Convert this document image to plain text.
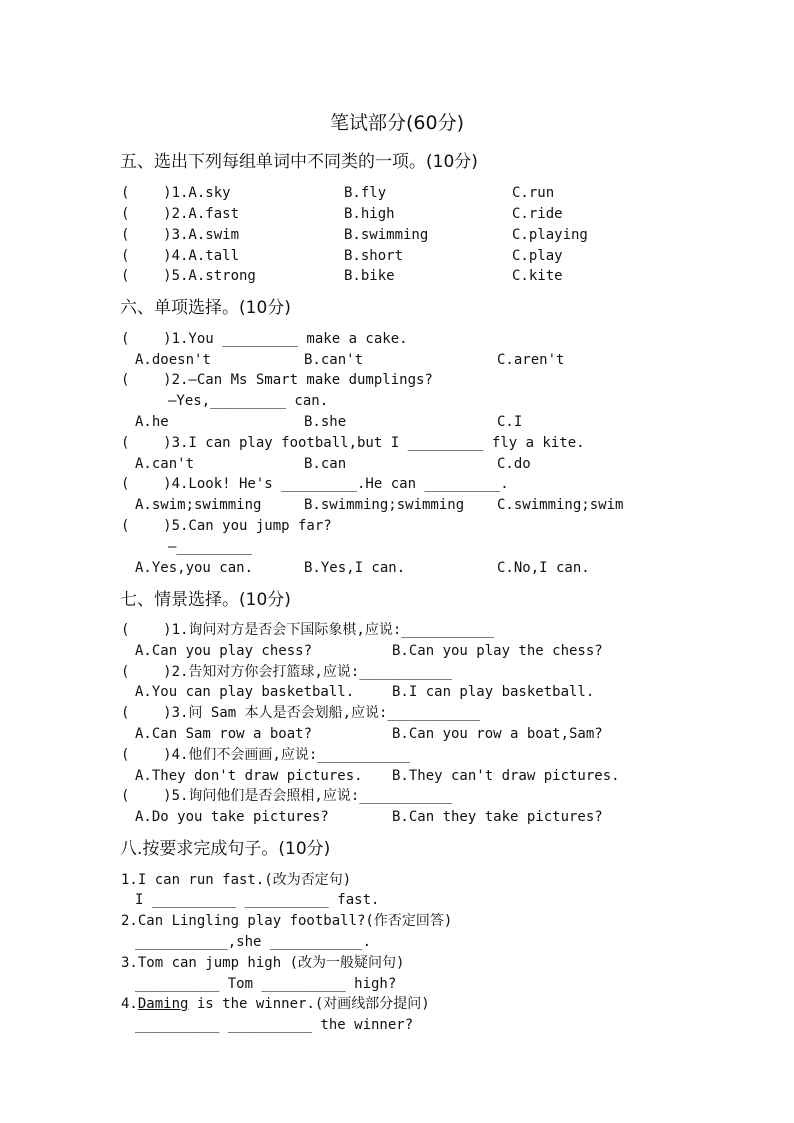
笔试部分(60分)
五、选出下列每组单词中不同类的一项。(10分)
(    )1.A.sky	B.fly	C.run
(    )2.A.fast	B.high	C.ride
(    )3.A.swim	B.swimming	C.playing
(    )4.A.tall	B.short	C.play
(    )5.A.strong	B.bike	C.kite
六、单项选择。(10分)
(    )1.You _________ make a cake.
A.doesn't	B.can't	C.aren't
(    )2.—Can Ms Smart make dumplings?
—Yes,_________ can.
A.he	B.she	C.I
(    )3.I can play football,but I _________ fly a kite.
A.can't	B.can	C.do
(    )4.Look! He's _________.He can _________.
A.swim;swimming	B.swimming;swimming C.swimming;swim
(    )5.Can you jump far?
—_________
A.Yes,you can.	B.Yes,I can.	C.No,I can.
七、情景选择。(10分)
(    )1.询问对方是否会下国际象棋,应说:___________
A.Can you play chess?	B.Can you play the chess?
(    )2.告知对方你会打篮球,应说:___________
A.You can play basketball.	B.I can play basketball.
(    )3.问 Sam 本人是否会划船,应说:___________
A.Can Sam row a boat?	B.Can you row a boat,Sam?
(    )4.他们不会画画,应说:___________
A.They don't draw pictures. B.They can't draw pictures.
(    )5.询问他们是否会照相,应说:___________
A.Do you take pictures?	B.Can they take pictures?
八.按要求完成句子。(10分)
1.I can run fast.(改为否定句)
I __________ __________ fast.
2.Can Lingling play football?(作否定回答)
___________,she ___________.
3.Tom can jump high (改为一般疑问句)
__________ Tom __________ high?
4.Daming is the winner.(对画线部分提问)
__________ __________ the winner?
